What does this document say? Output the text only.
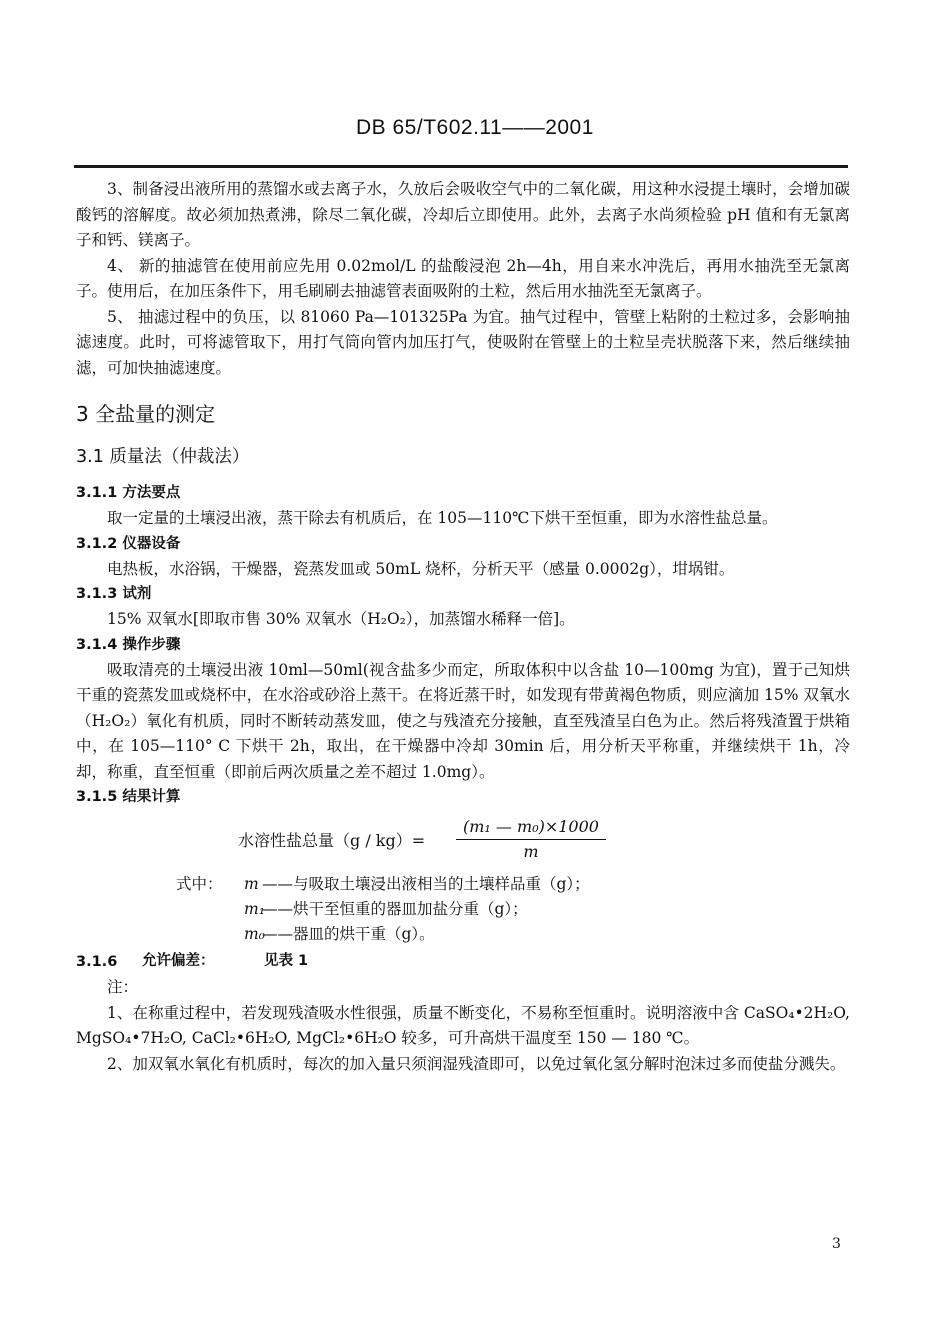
DB 65/T602.11——2001

3、制备浸出液所用的蒸馏水或去离子水，久放后会吸收空气中的二氧化碳，用这种水浸提土壤时，会增加碳酸钙的溶解度。故必须加热煮沸，除尽二氧化碳，冷却后立即使用。此外，去离子水尚须检验 pH 值和有无氯离子和钙、镁离子。

4、 新的抽滤管在使用前应先用 0.02mol/L 的盐酸浸泡 2h—4h，用自来水冲洗后，再用水抽洗至无氯离子。使用后，在加压条件下，用毛刷刷去抽滤管表面吸附的土粒，然后用水抽洗至无氯离子。

5、 抽滤过程中的负压，以 81060 Pa—101325Pa 为宜。抽气过程中，管壁上粘附的土粒过多，会影响抽滤速度。此时，可将滤管取下，用打气筒向管内加压打气，使吸附在管壁上的土粒呈壳状脱落下来，然后继续抽滤，可加快抽滤速度。

3 全盐量的测定
3.1 质量法（仲裁法）
3.1.1 方法要点

取一定量的土壤浸出液，蒸干除去有机质后，在 105—110℃下烘干至恒重，即为水溶性盐总量。

3.1.2 仪器设备

电热板，水浴锅，干燥器，瓷蒸发皿或 50mL 烧杯，分析天平（感量 0.0002g），坩埚钳。

3.1.3 试剂

15% 双氧水[即取市售 30% 双氧水（H₂O₂），加蒸馏水稀释一倍]。

3.1.4 操作步骤

吸取清亮的土壤浸出液 10ml—50ml(视含盐多少而定，所取体积中以含盐 10—100mg 为宜)，置于己知烘干重的瓷蒸发皿或烧杯中，在水浴或砂浴上蒸干。在将近蒸干时，如发现有带黄褐色物质，则应滴加 15% 双氧水（H₂O₂）氧化有机质，同时不断转动蒸发皿，使之与残渣充分接触，直至残渣呈白色为止。然后将残渣置于烘箱中，在 105—110° C 下烘干 2h，取出，在干燥器中冷却 30min 后，用分析天平称重，并继续烘干 1h，冷却，称重，直至恒重（即前后两次质量之差不超过 1.0mg）。

3.1.5 结果计算
水溶性盐总量$(g / kg)= \frac{\text{(m₁ — m₀)×1000}}{m}$
式中： m ——与吸取土壤浸出液相当的土壤样品重（g）；
m₁
——烘干至恒重的器皿加盐分重（g）；
m₀
——器皿的烘干重（g）。
3.1.6 允许偏差：	见表 1

注：

1、在称重过程中，若发现残渣吸水性很强，质量不断变化，不易称至恒重时。说明溶液中含 CaSO₄•2H₂O, MgSO₄•7H₂O, CaCl₂•6H₂O, MgCl₂•6H₂O 较多，可升高烘干温度至 150 — 180 ℃。

2、加双氧水氧化有机质时，每次的加入量只须润湿残渣即可，以免过氧化氢分解时泡沫过多而使盐分溅失。

3
